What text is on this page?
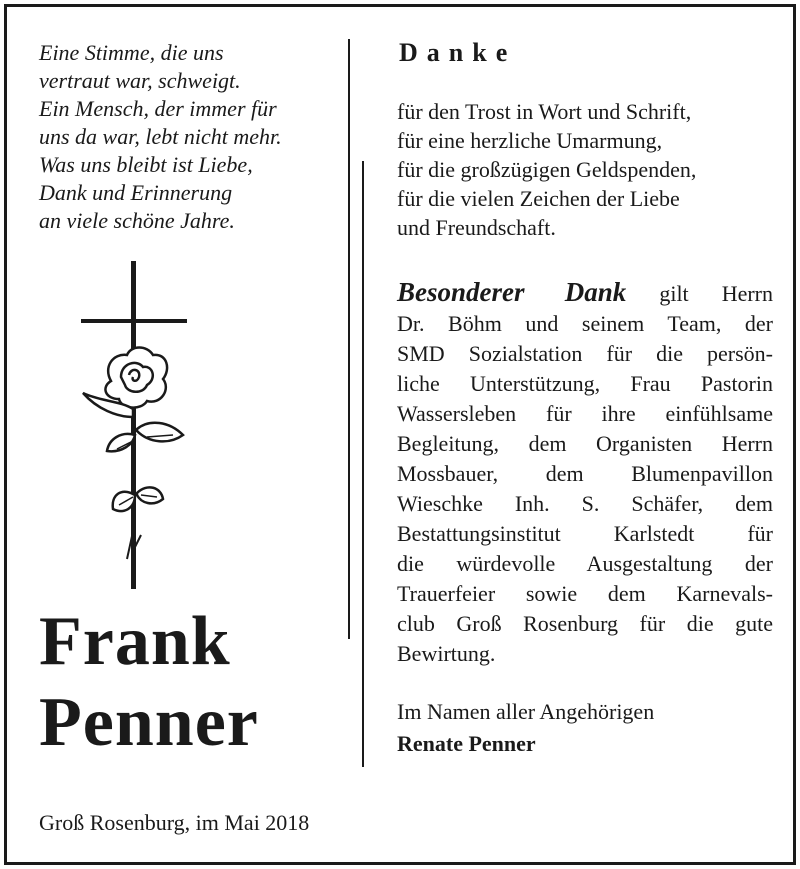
Eine Stimme, die uns
vertraut war, schweigt.
Ein Mensch, der immer für
uns da war, lebt nicht mehr.
Was uns bleibt ist Liebe,
Dank und Erinnerung
an viele schöne Jahre.
Frank
Penner
Groß Rosenburg, im Mai 2018
Danke
für den Trost in Wort und Schrift,
für eine herzliche Umarmung,
für die großzügigen Geldspenden,
für die vielen Zeichen der Liebe
und Freundschaft.
Besonderer Dank gilt Herrn
Dr. Böhm und seinem Team, der
SMD Sozialstation für die persön-
liche Unterstützung, Frau Pastorin
Wassersleben für ihre einfühlsame
Begleitung, dem Organisten Herrn
Mossbauer, dem Blumenpavillon
Wieschke Inh. S. Schäfer, dem
Bestattungsinstitut Karlstedt für
die würdevolle Ausgestaltung der
Trauerfeier sowie dem Karnevals-
club Groß Rosenburg für die gute
Bewirtung.
Im Namen aller Angehörigen
Renate Penner
